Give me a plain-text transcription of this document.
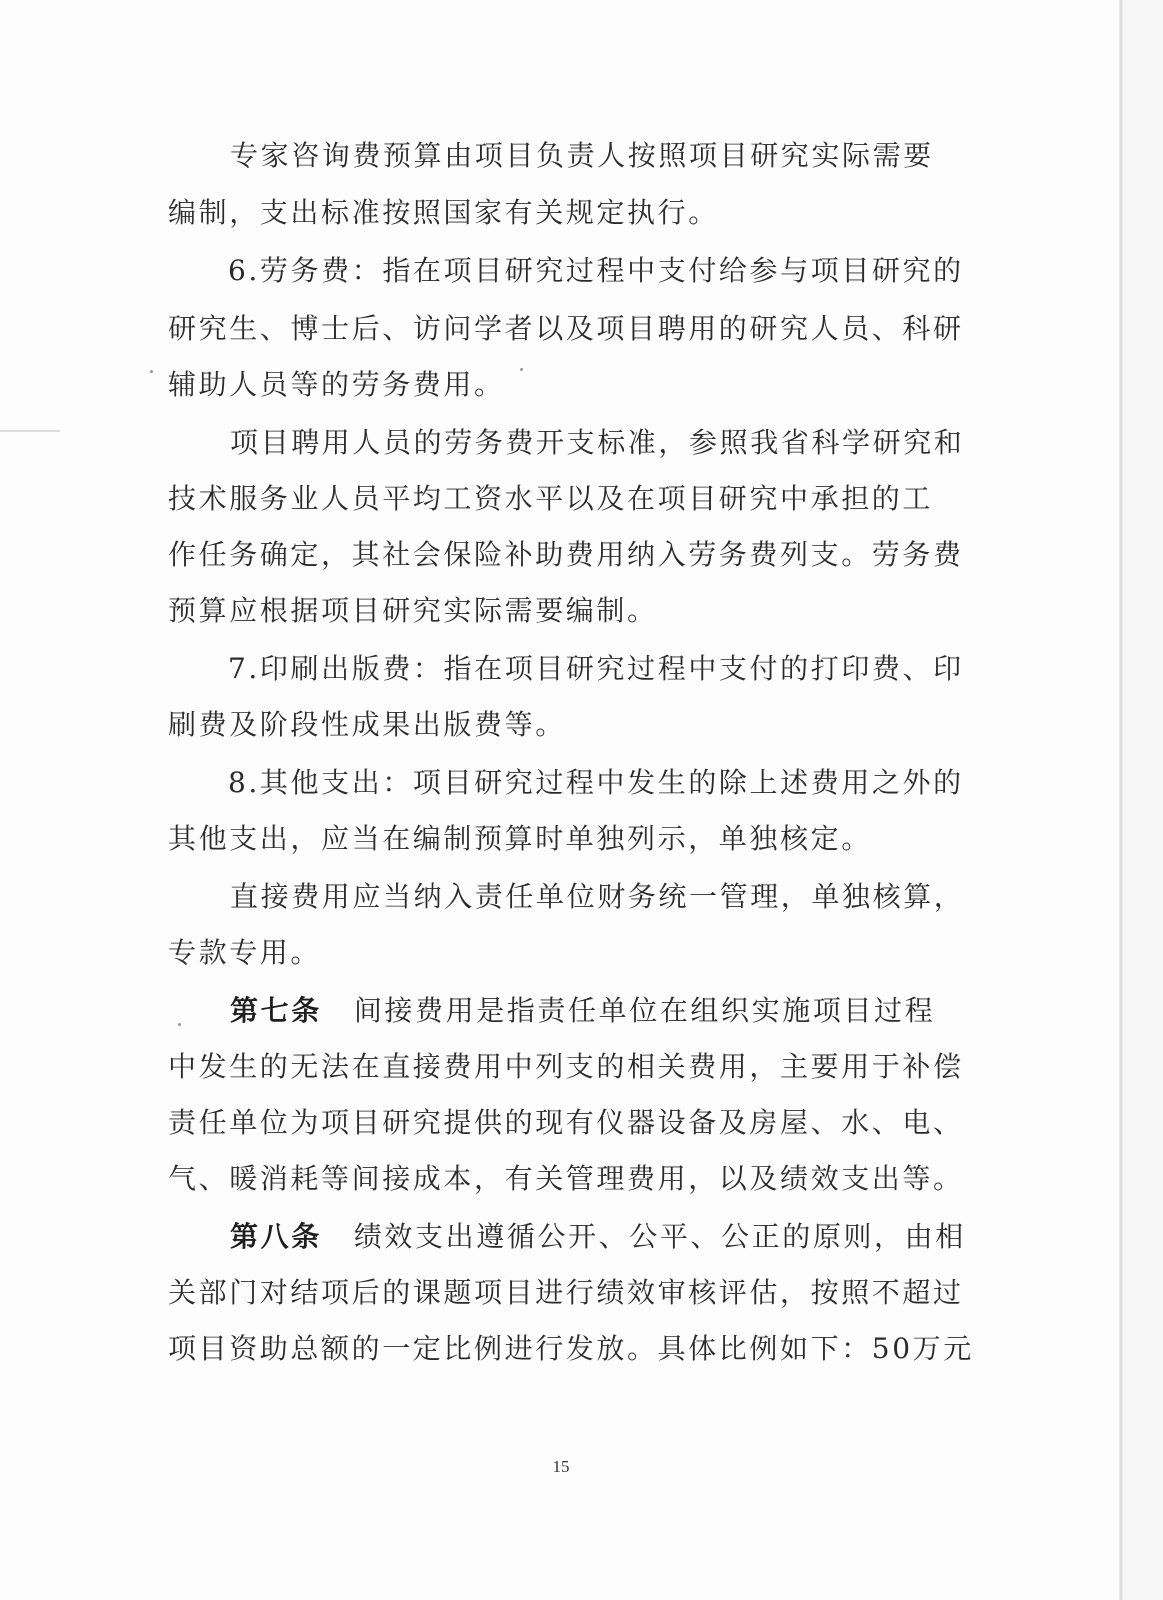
专家咨询费预算由项目负责人按照项目研究实际需要
编制，支出标准按照国家有关规定执行。
6.劳务费：指在项目研究过程中支付给参与项目研究的
研究生、博士后、访问学者以及项目聘用的研究人员、科研
辅助人员等的劳务费用。
项目聘用人员的劳务费开支标准，参照我省科学研究和
技术服务业人员平均工资水平以及在项目研究中承担的工
作任务确定，其社会保险补助费用纳入劳务费列支。劳务费
预算应根据项目研究实际需要编制。
7.印刷出版费：指在项目研究过程中支付的打印费、印
刷费及阶段性成果出版费等。
8.其他支出：项目研究过程中发生的除上述费用之外的
其他支出，应当在编制预算时单独列示，单独核定。
直接费用应当纳入责任单位财务统一管理，单独核算，
专款专用。
第七条 间接费用是指责任单位在组织实施项目过程
中发生的无法在直接费用中列支的相关费用，主要用于补偿
责任单位为项目研究提供的现有仪器设备及房屋、水、电、
气、暖消耗等间接成本，有关管理费用，以及绩效支出等。
第八条 绩效支出遵循公开、公平、公正的原则，由相
关部门对结项后的课题项目进行绩效审核评估，按照不超过
项目资助总额的一定比例进行发放。具体比例如下：50万元
15
